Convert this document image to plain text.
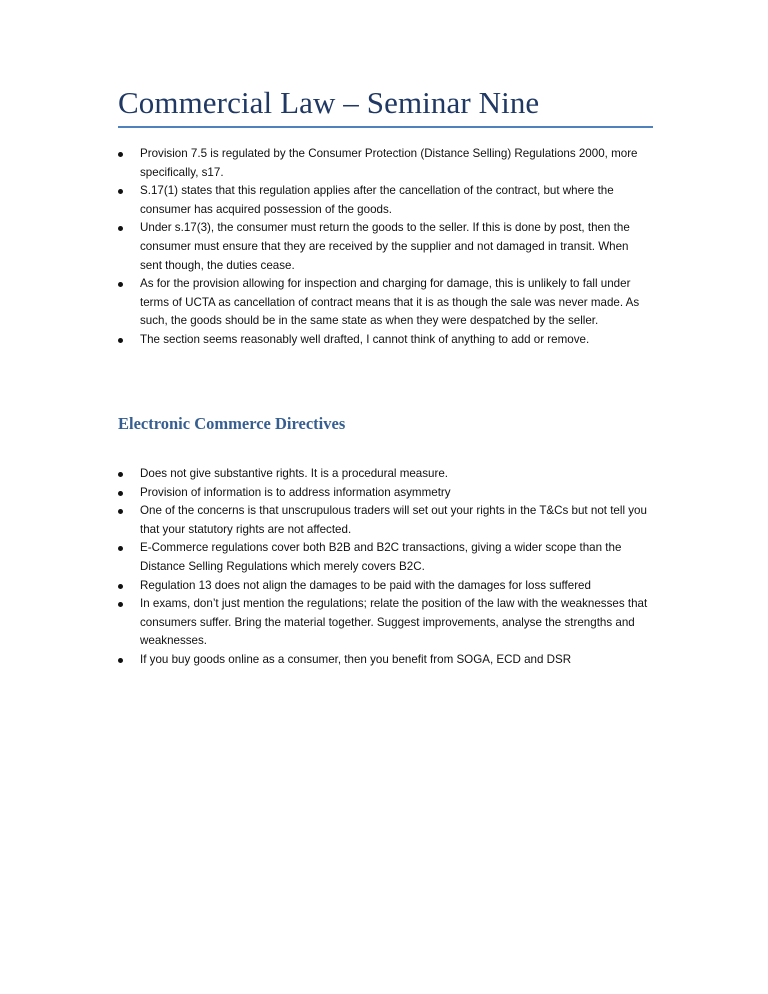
Commercial Law – Seminar Nine
Provision 7.5 is regulated by the Consumer Protection (Distance Selling) Regulations 2000, more specifically, s17.
S.17(1) states that this regulation applies after the cancellation of the contract, but where the consumer has acquired possession of the goods.
Under s.17(3), the consumer must return the goods to the seller. If this is done by post, then the consumer must ensure that they are received by the supplier and not damaged in transit. When sent though, the duties cease.
As for the provision allowing for inspection and charging for damage, this is unlikely to fall under terms of UCTA as cancellation of contract means that it is as though the sale was never made. As such, the goods should be in the same state as when they were despatched by the seller.
The section seems reasonably well drafted, I cannot think of anything to add or remove.
Electronic Commerce Directives
Does not give substantive rights. It is a procedural measure.
Provision of information is to address information asymmetry
One of the concerns is that unscrupulous traders will set out your rights in the T&Cs but not tell you that your statutory rights are not affected.
E-Commerce regulations cover both B2B and B2C transactions, giving a wider scope than the Distance Selling Regulations which merely covers B2C.
Regulation 13 does not align the damages to be paid with the damages for loss suffered
In exams, don’t just mention the regulations; relate the position of the law with the weaknesses that consumers suffer. Bring the material together. Suggest improvements, analyse the strengths and weaknesses.
If you buy goods online as a consumer, then you benefit from SOGA, ECD and DSR
